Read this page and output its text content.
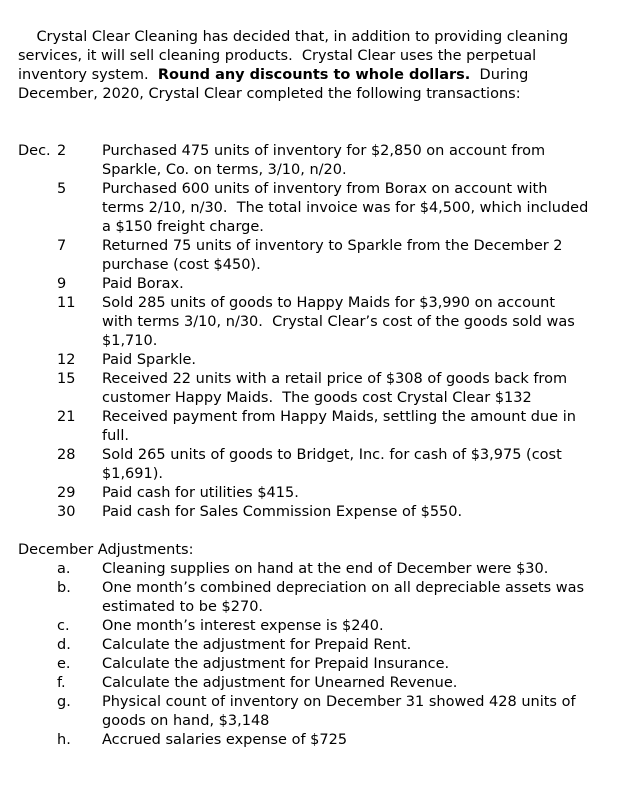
Crystal Clear Cleaning has decided that, in addition to providing cleaning services, it will sell cleaning products.  Crystal Clear uses the perpetual inventory system.  Round any discounts to whole dollars.  During December, 2020, Crystal Clear completed the following transactions:

Dec. 2	Purchased 475 units of inventory for $2,850 on account from Sparkle, Co. on terms, 3/10, n/20.
5	Purchased 600 units of inventory from Borax on account with terms 2/10, n/30.  The total invoice was for $4,500, which included a $150 freight charge.
7	Returned 75 units of inventory to Sparkle from the December 2 purchase (cost $450).
9	Paid Borax.
11	Sold 285 units of goods to Happy Maids for $3,990 on account with terms 3/10, n/30.  Crystal Clear’s cost of the goods sold was $1,710.
12	Paid Sparkle.
15	Received 22 units with a retail price of $308 of goods back from customer Happy Maids.  The goods cost Crystal Clear $132
21	Received payment from Happy Maids, settling the amount due in full.
28	Sold 265 units of goods to Bridget, Inc. for cash of $3,975 (cost $1,691).
29	Paid cash for utilities $415.
30	Paid cash for Sales Commission Expense of $550.
December Adjustments:
a.	Cleaning supplies on hand at the end of December were $30.
b.	One month’s combined depreciation on all depreciable assets was estimated to be $270.
c.	One month’s interest expense is $240.
d.	Calculate the adjustment for Prepaid Rent.
e.	Calculate the adjustment for Prepaid Insurance.
f.	Calculate the adjustment for Unearned Revenue.
g.	Physical count of inventory on December 31 showed 428 units of goods on hand, $3,148
h.	Accrued salaries expense of $725
